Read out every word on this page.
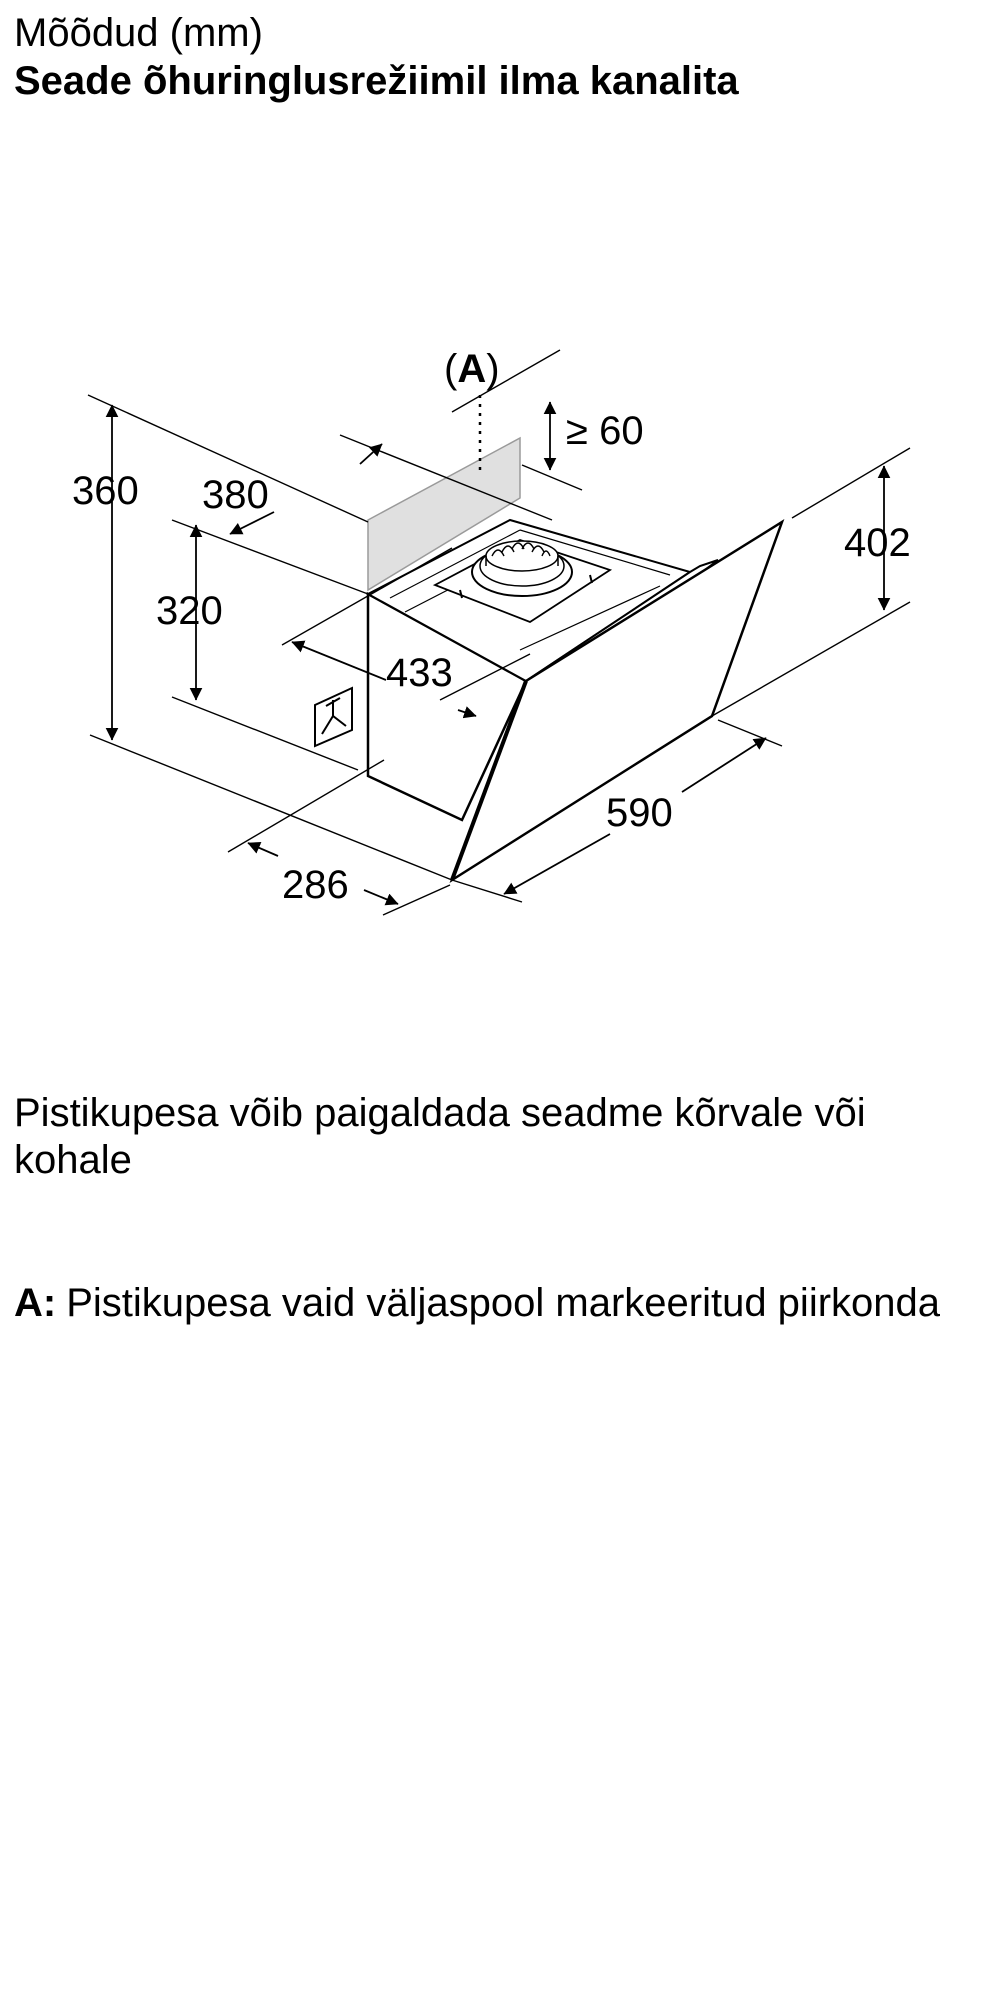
Mõõdud (mm)
Seade õhuringlusrežiimil ilma kanalita
(A)
≥ 60
360 380
320
433
402
590
286
Pistikupesa võib paigaldada seadme kõrvale või kohale
A: Pistikupesa vaid väljaspool markeeritud piirkonda
